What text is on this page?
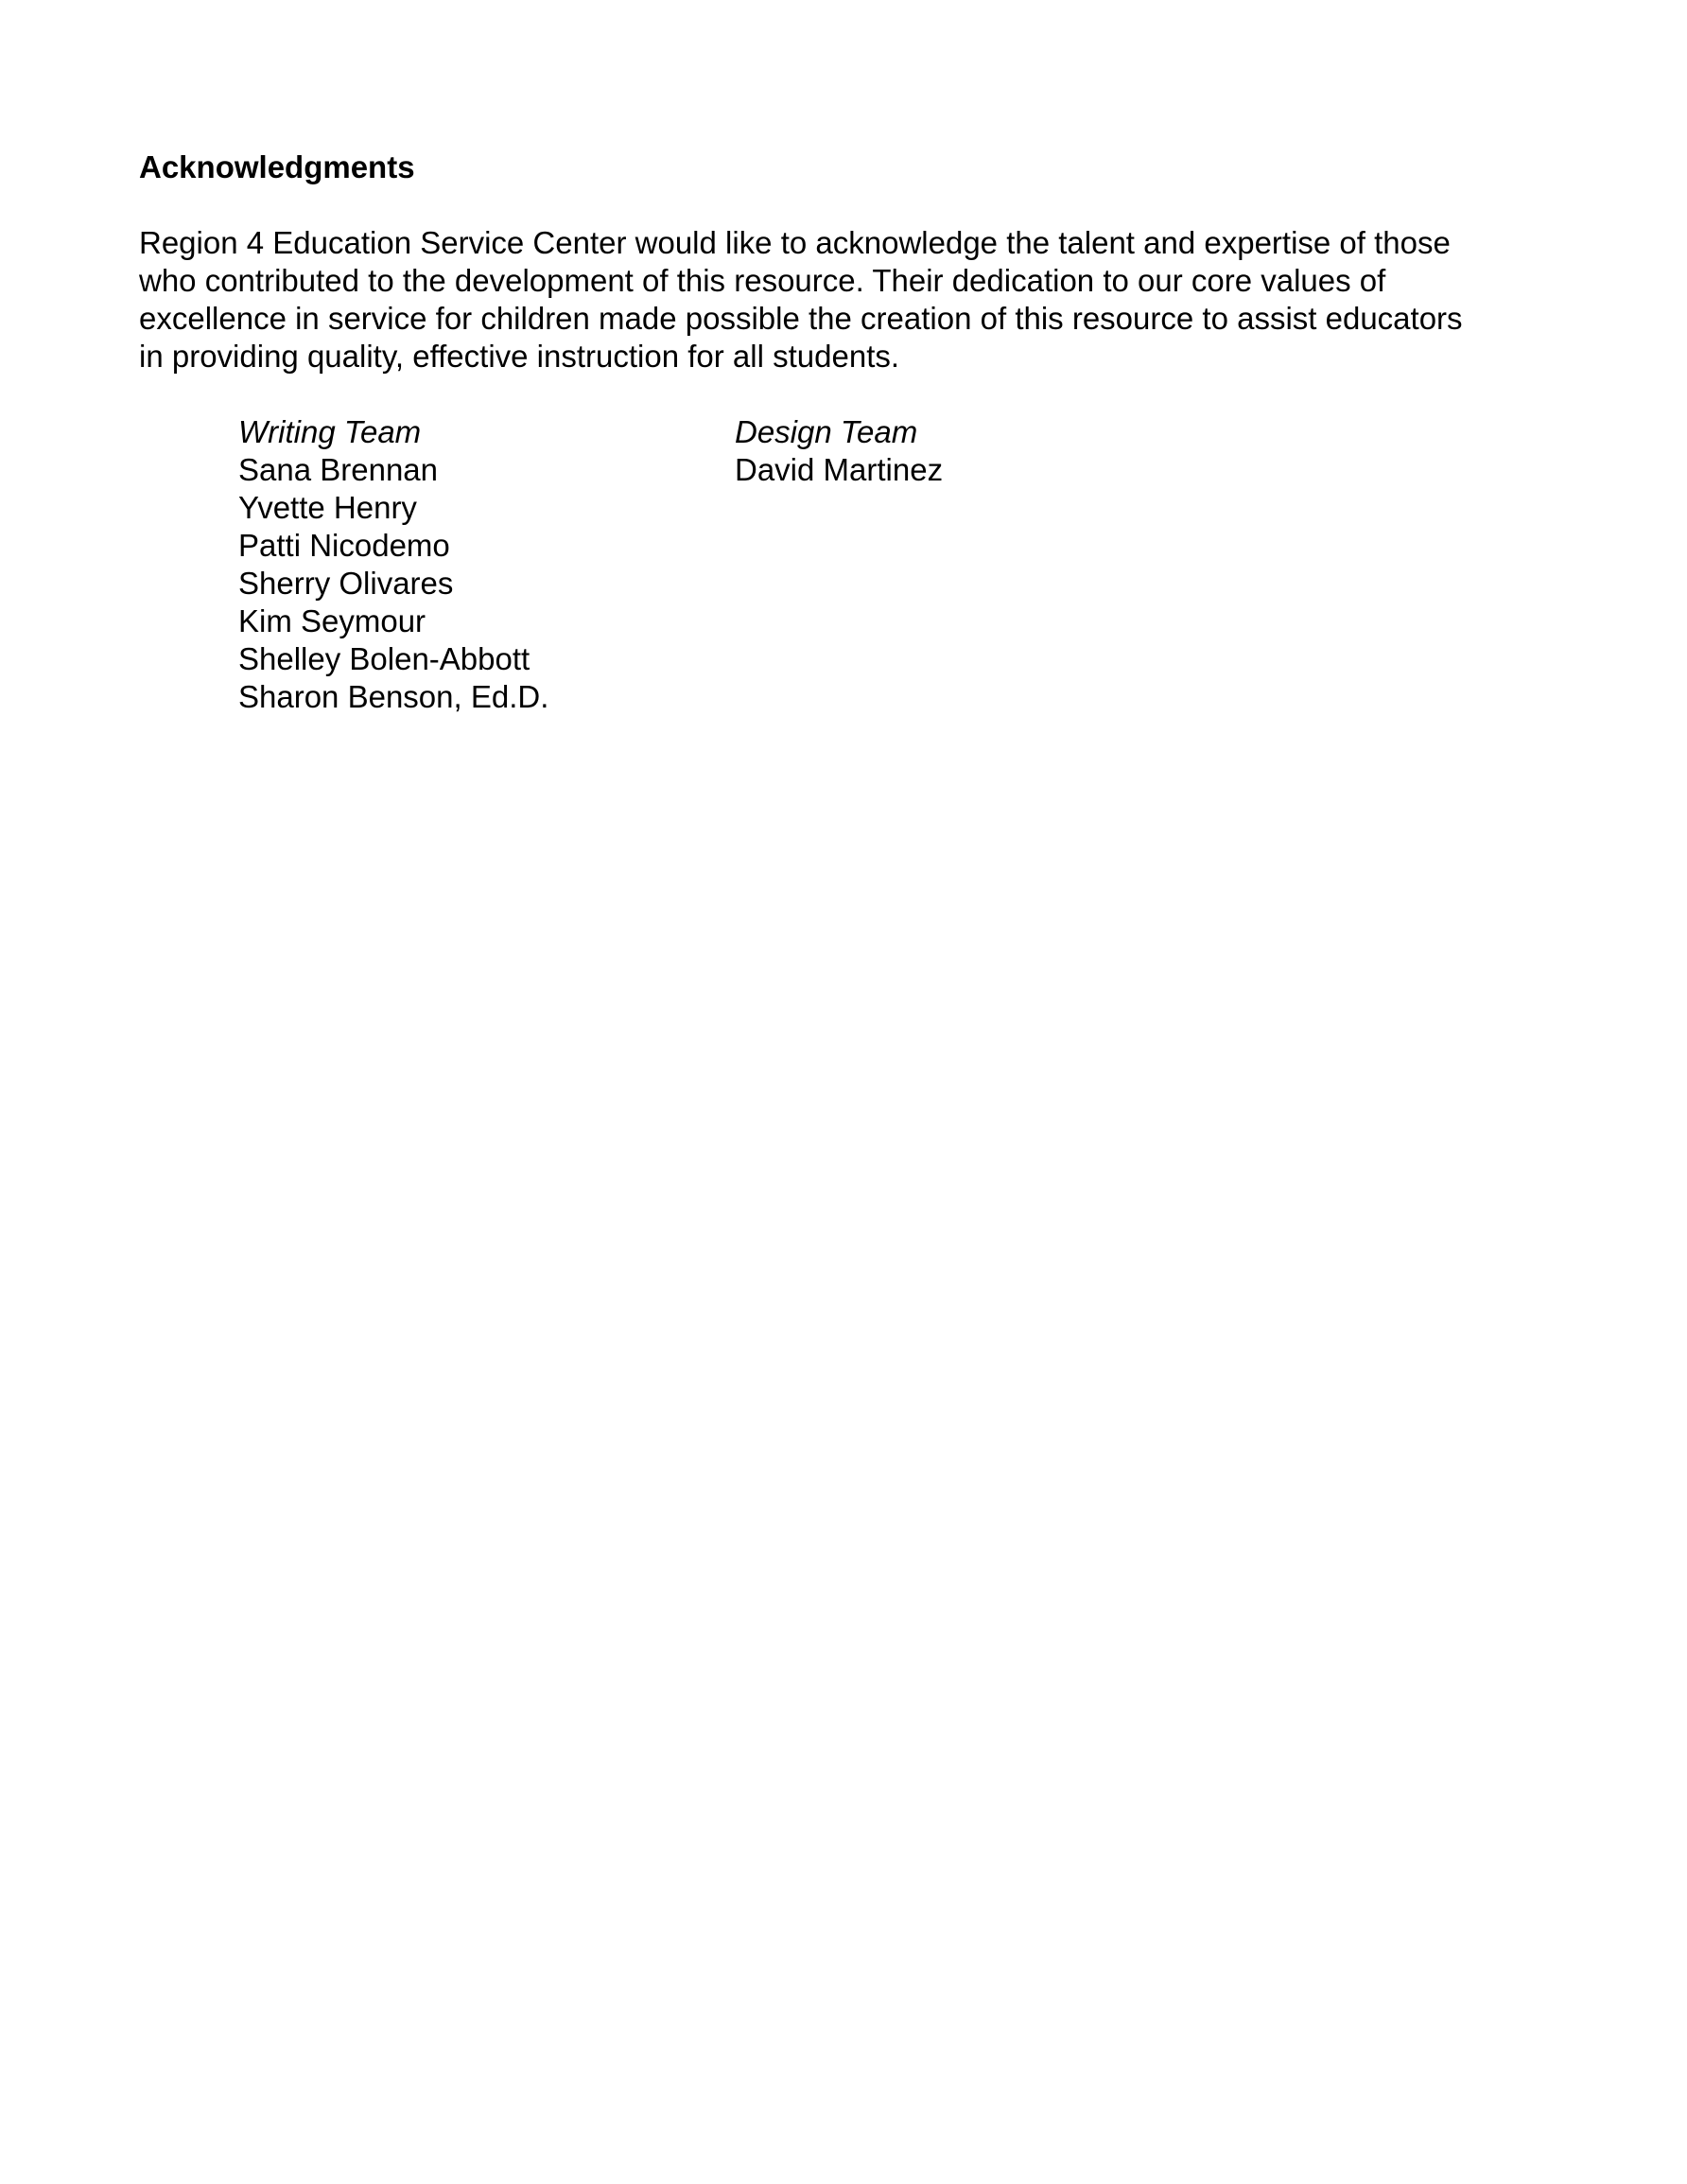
Acknowledgments

Region 4 Education Service Center would like to acknowledge the talent and expertise of those
who contributed to the development of this resource. Their dedication to our core values of
excellence in service for children made possible the creation of this resource to assist educators
in providing quality, effective instruction for all students.

Writing Team
Sana Brennan
Yvette Henry
Patti Nicodemo
Sherry Olivares
Kim Seymour
Shelley Bolen-Abbott
Sharon Benson, Ed.D.
Design Team
David Martinez
